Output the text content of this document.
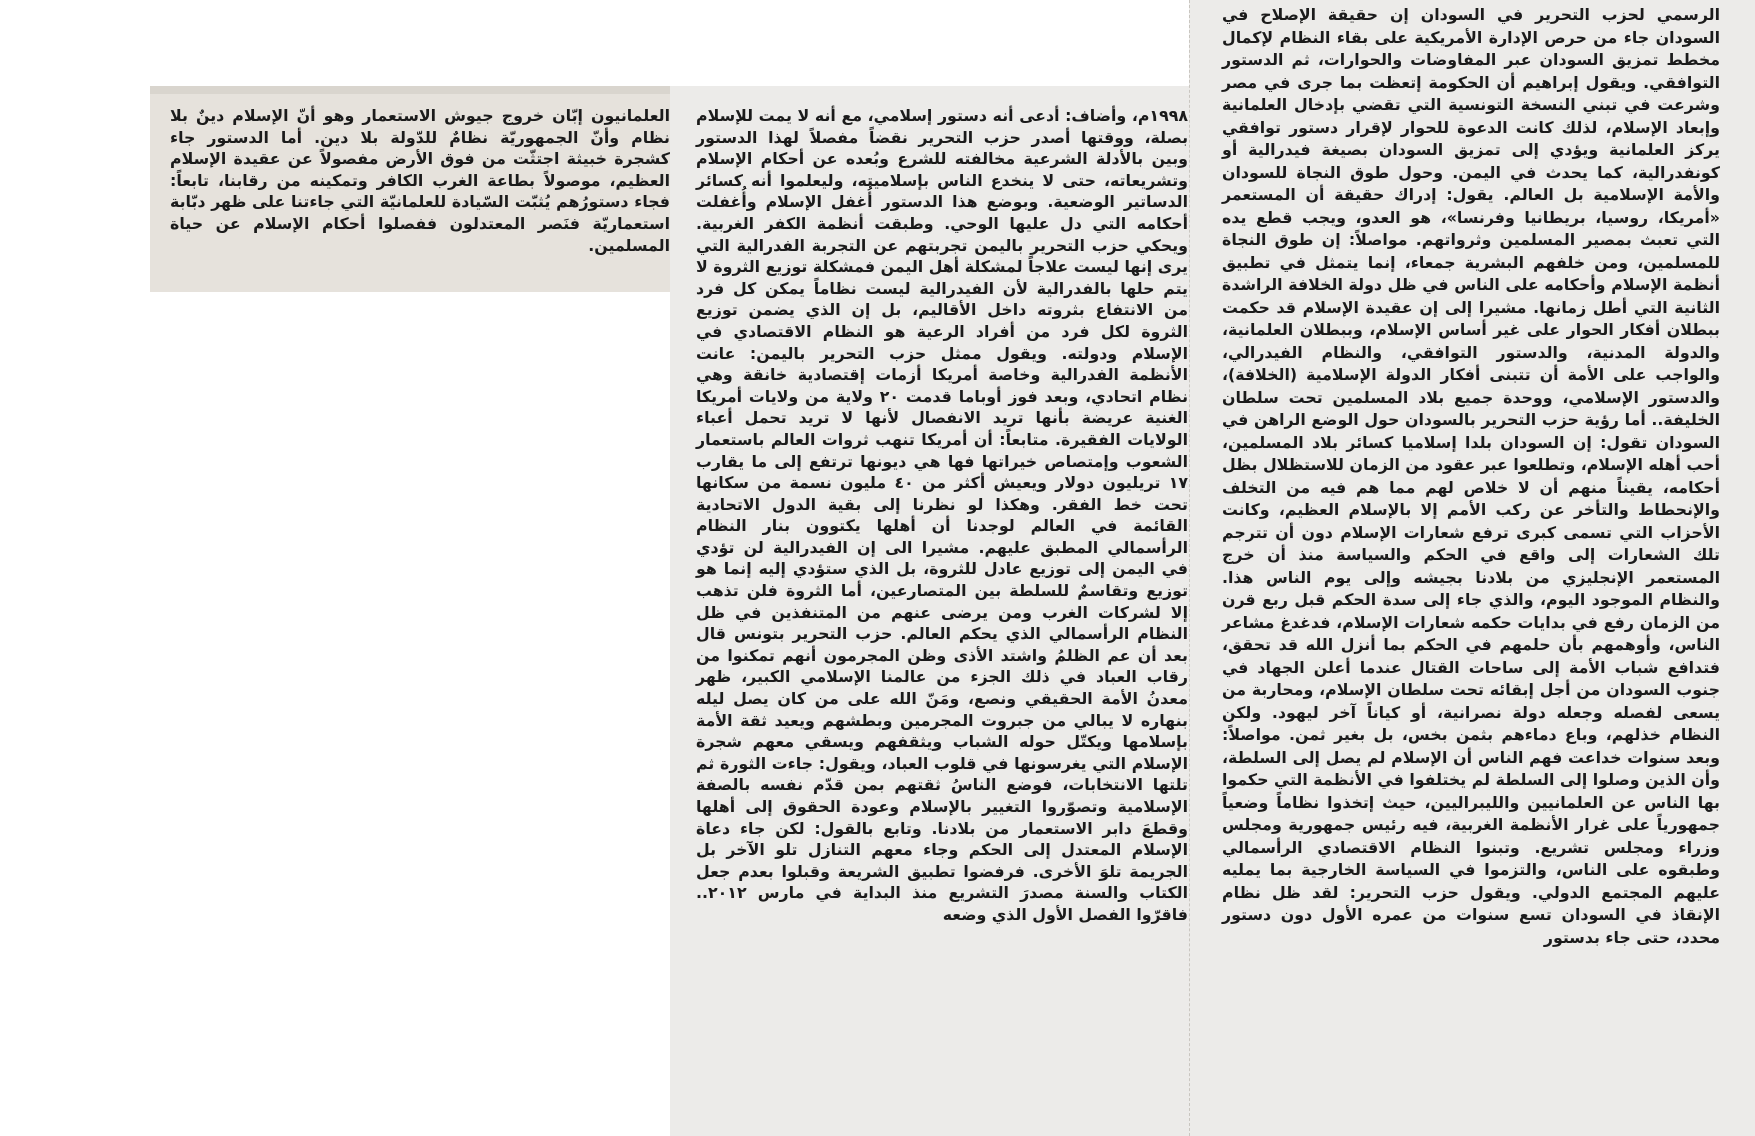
الرسمي لحزب التحرير في السودان إن حقيقة الإصلاح في السودان جاء من حرص الإدارة الأمريكية على بقاء النظام لإكمال مخطط تمزيق السودان عبر المفاوضات والحوارات، ثم الدستور التوافقي. ويقول إبراهيم أن الحكومة إتعظت بما جرى في مصر وشرعت في تبني النسخة التونسية التي تقضي بإدخال العلمانية وإبعاد الإسلام، لذلك كانت الدعوة للحوار لإقرار دستور توافقي يركز العلمانية ويؤدي إلى تمزيق السودان بصيغة فيدرالية أو كونفدرالية، كما يحدث في اليمن. وحول طوق النجاة للسودان والأمة الإسلامية بل العالم. يقول: إدراك حقيقة أن المستعمر «أمريكا، روسيا، بريطانيا وفرنسا»، هو العدو، ويجب قطع يده التي تعبث بمصير المسلمين وثرواتهم. مواصلاً: إن طوق النجاة للمسلمين، ومن خلفهم البشرية جمعاء، إنما يتمثل في تطبيق أنظمة الإسلام وأحكامه على الناس في ظل دولة الخلافة الراشدة الثانية التي أطل زمانها. مشيرا إلى إن عقيدة الإسلام قد حكمت ببطلان أفكار الحوار على غير أساس الإسلام، وببطلان العلمانية، والدولة المدنية، والدستور التوافقي، والنظام الفيدرالي، والواجب على الأمة أن تتبنى أفكار الدولة الإسلامية (الخلافة)، والدستور الإسلامي، ووحدة جميع بلاد المسلمين تحت سلطان الخليفة.. أما رؤية حزب التحرير بالسودان حول الوضع الراهن في السودان تقول: إن السودان بلدا إسلاميا كسائر بلاد المسلمين، أحب أهله الإسلام، وتطلعوا عبر عقود من الزمان للاستظلال بظل أحكامه، يقيناً منهم أن لا خلاص لهم مما هم فيه من التخلف والإنحطاط والتأخر عن ركب الأمم إلا بالإسلام العظيم، وكانت الأحزاب التي تسمى كبرى ترفع شعارات الإسلام دون أن تترجم تلك الشعارات إلى واقع في الحكم والسياسة منذ أن خرج المستعمر الإنجليزي من بلادنا بجيشه وإلى يوم الناس هذا. والنظام الموجود اليوم، والذي جاء إلى سدة الحكم قبل ربع قرن من الزمان رفع في بدايات حكمه شعارات الإسلام، فدغدغ مشاعر الناس، وأوهمهم بأن حلمهم في الحكم بما أنزل الله قد تحقق، فتدافع شباب الأمة إلى ساحات القتال عندما أعلن الجهاد في جنوب السودان من أجل إبقائه تحت سلطان الإسلام، ومحاربة من يسعى لفصله وجعله دولة نصرانية، أو كياناً آخر ليهود. ولكن النظام خذلهم، وباع دماءهم بثمن بخس، بل بغير ثمن. مواصلاً: وبعد سنوات خداعت فهم الناس أن الإسلام لم يصل إلى السلطة، وأن الذين وصلوا إلى السلطة لم يختلفوا في الأنظمة التي حكموا بها الناس عن العلمانيين والليبراليين، حيث إتخذوا نظاماً وضعياً جمهورياً على غرار الأنظمة الغربية، فيه رئيس جمهورية ومجلس وزراء ومجلس تشريع. وتبنوا النظام الاقتصادي الرأسمالي وطبقوه على الناس، والتزموا في السياسة الخارجية بما يمليه عليهم المجتمع الدولي. ويقول حزب التحرير: لقد ظل نظام الإنقاذ في السودان تسع سنوات من عمره الأول دون دستور محدد، حتى جاء بدستور

١٩٩٨م، وأضاف: أدعى أنه دستور إسلامي، مع أنه لا يمت للإسلام بصلة، ووقتها أصدر حزب التحرير نقضاً مفصلاً لهذا الدستور وبين بالأدلة الشرعية مخالفته للشرع وبُعده عن أحكام الإسلام وتشريعاته، حتى لا ينخدع الناس بإسلاميته، وليعلموا أنه كسائر الدساتير الوضعية. وبوضع هذا الدستور أُغفل الإسلام وأُغفلت أحكامه التي دل عليها الوحي. وطبقت أنظمة الكفر الغربية. ويحكي حزب التحرير باليمن تجربتهم عن التجربة الفدرالية التي يرى إنها ليست علاجاً لمشكلة أهل اليمن فمشكلة توزيع الثروة لا يتم حلها بالفدرالية لأن الفيدرالية ليست نظاماً يمكن كل فرد من الانتفاع بثروته داخل الأقاليم، بل إن الذي يضمن توزيع الثروة لكل فرد من أفراد الرعية هو النظام الاقتصادي في الإسلام ودولته. ويقول ممثل حزب التحرير باليمن: عانت الأنظمة الفدرالية وخاصة أمريكا أزمات إقتصادية خانقة وهي نظام اتحادي، وبعد فوز أوباما قدمت ٢٠ ولاية من ولايات أمريكا الغنية عريضة بأنها تريد الانفصال لأنها لا تريد تحمل أعباء الولايات الفقيرة. متابعاً: أن أمريكا تنهب ثروات العالم باستعمار الشعوب وإمتصاص خيراتها فها هي ديونها ترتفع إلى ما يقارب ١٧ تريليون دولار ويعيش أكثر من ٤٠ مليون نسمة من سكانها تحت خط الفقر. وهكذا لو نظرنا إلى بقية الدول الاتحادية القائمة في العالم لوجدنا أن أهلها يكتوون بنار النظام الرأسمالي المطبق عليهم. مشيرا الى إن الفيدرالية لن تؤدي في اليمن إلى توزيع عادل للثروة، بل الذي ستؤدي إليه إنما هو توزيع وتقاسمٌ للسلطة بين المتصارعين، أما الثروة فلن تذهب إلا لشركات الغرب ومن يرضى عنهم من المتنفذين في ظل النظام الرأسمالي الذي يحكم العالم. حزب التحرير بتونس قال بعد أن عم الظلمُ واشتد الأذى وظن المجرمون أنهم تمكنوا من رقاب العباد في ذلك الجزء من عالمنا الإسلامي الكبير، ظهر معدنُ الأمة الحقيقي ونصع، ومَنّ الله على من كان يصل ليله بنهاره لا يبالي من جبروت المجرمين وبطشهم ويعيد ثقة الأمة بإسلامها ويكتّل حوله الشباب ويثقفهم ويسقي معهم شجرة الإسلام التي يغرسونها في قلوب العباد، ويقول: جاءت الثورة ثم تلتها الانتخابات، فوضع الناسُ ثقتهم بمن قدّم نفسه بالصفة الإسلامية وتصوّروا التغيير بالإسلام وعودة الحقوق إلى أهلها وقطعَ دابر الاستعمار من بلادنا. وتابع بالقول: لكن جاء دعاة الإسلام المعتدل إلى الحكم وجاء معهم التنازل تلو الآخر بل الجريمة تلوَ الأخرى. فرفضوا تطبيق الشريعة وقبلوا بعدم جعل الكتاب والسنة مصدرَ التشريع منذ البداية في مارس ٢٠١٢.. فاقرّوا الفصل الأول الذي وضعه

العلمانيون إبّان خروج جيوش الاستعمار وهو أنّ الإسلام دينٌ بلا نظام وأنّ الجمهوريّة نظامٌ للدّولة بلا دين. أما الدستور جاء كشجرة خبيثة اجتثّت من فوق الأرض مفصولاً عن عقيدة الإسلام العظيم، موصولاً بطاعة الغرب الكافر وتمكينه من رقابنا، تابعاً: فجاء دستورُهم يُثبّت السّيادة للعلمانيّة التي جاءتنا على ظهر دبّابة استعماريّة فنَصر المعتدلون ففصلوا أحكام الإسلام عن حياة المسلمين.
